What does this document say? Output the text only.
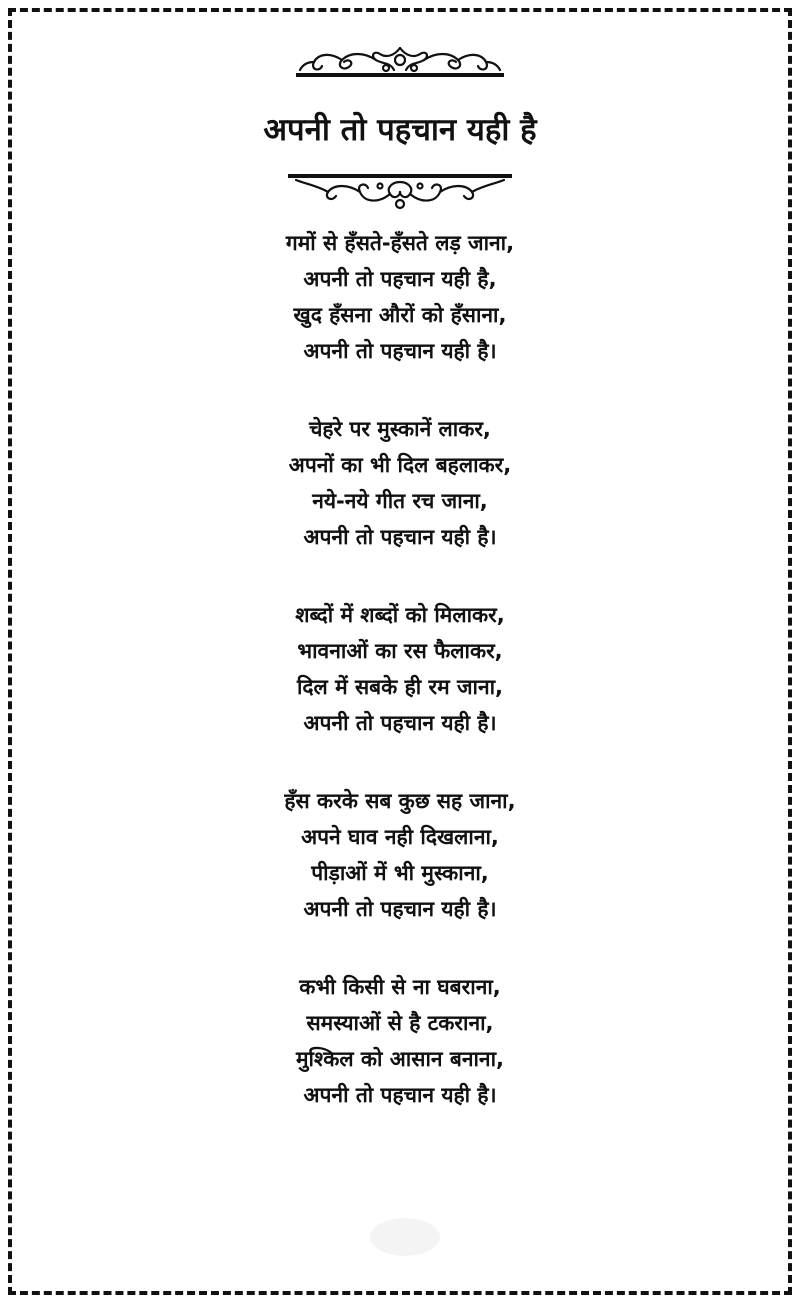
अपनी तो पहचान यही है
गमों से हँसते-हँसते लड़ जाना,
अपनी तो पहचान यही है,
खुद हँसना औरों को हँसाना,
अपनी तो पहचान यही है।
चेहरे पर मुस्कानें लाकर,
अपनों का भी दिल बहलाकर,
नये-नये गीत रच जाना,
अपनी तो पहचान यही है।
शब्दों में शब्दों को मिलाकर,
भावनाओं का रस फैलाकर,
दिल में सबके ही रम जाना,
अपनी तो पहचान यही है।
हँस करके सब कुछ सह जाना,
अपने घाव नही दिखलाना,
पीड़ाओं में भी मुस्काना,
अपनी तो पहचान यही है।
कभी किसी से ना घबराना,
समस्याओं से है टकराना,
मुश्किल को आसान बनाना,
अपनी तो पहचान यही है।
